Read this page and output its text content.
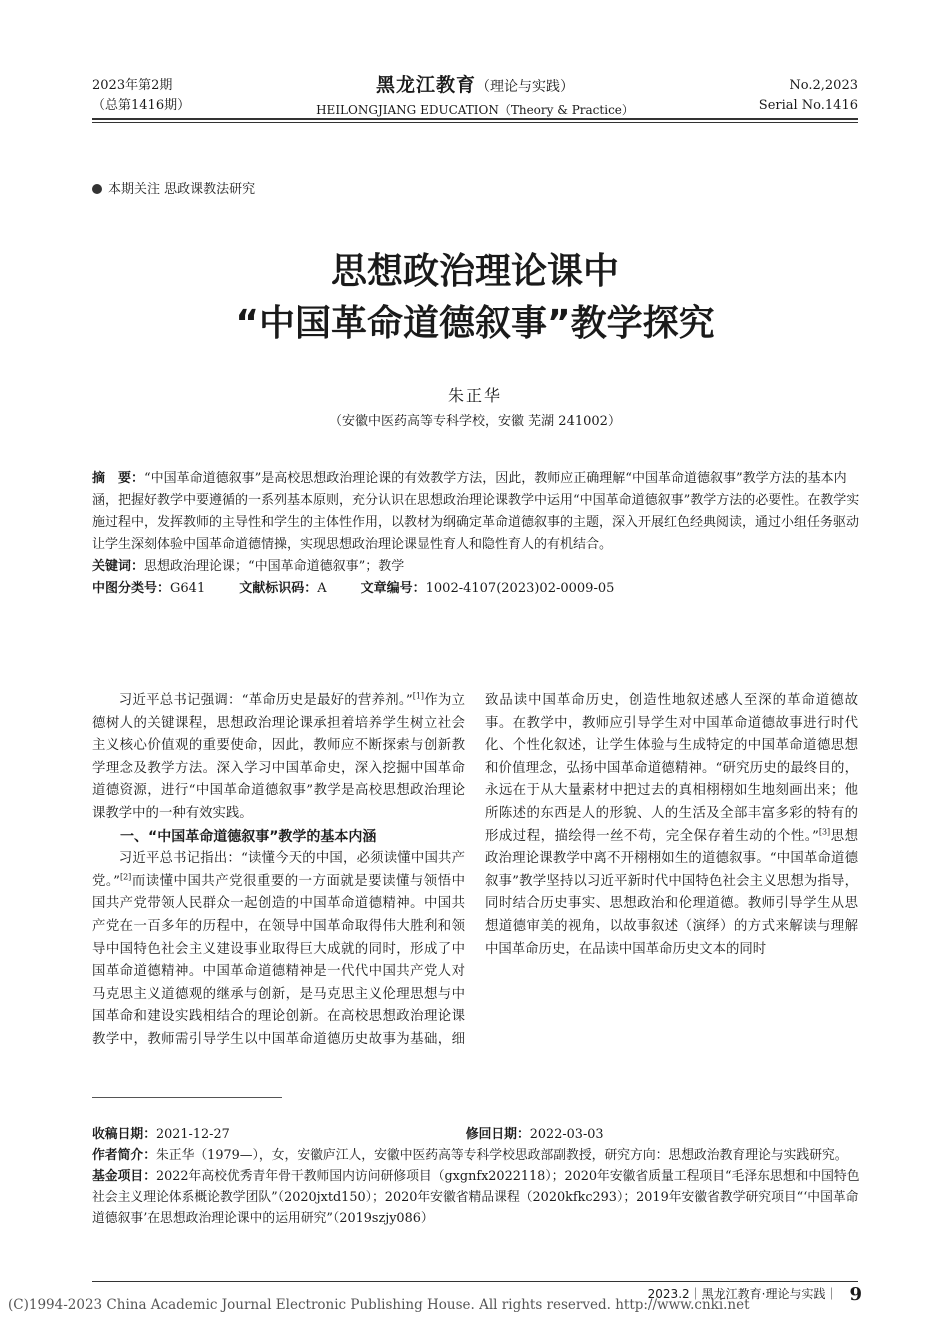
2023年第2期
（总第1416期）
黑龙江教育（理论与实践）
HEILONGJIANG EDUCATION（Theory & Practice）
No.2,2023
Serial No.1416
本期关注 思政课教法研究
思想政治理论课中
“中国革命道德叙事”教学探究
朱正华
（安徽中医药高等专科学校，安徽 芜湖 241002）
摘　要：“中国革命道德叙事”是高校思想政治理论课的有效教学方法，因此，教师应正确理解“中国革命道德叙事”教学方法的基本内涵，把握好教学中要遵循的一系列基本原则，充分认识在思想政治理论课教学中运用“中国革命道德叙事”教学方法的必要性。在教学实施过程中，发挥教师的主导性和学生的主体性作用，以教材为纲确定革命道德叙事的主题，深入开展红色经典阅读，通过小组任务驱动让学生深刻体验中国革命道德情操，实现思想政治理论课显性育人和隐性育人的有机结合。
关键词：思想政治理论课；“中国革命道德叙事”；教学
中图分类号：G641	文献标识码：A	文章编号：1002-4107(2023)02-0009-05

习近平总书记强调：“革命历史是最好的营养剂。”[1]作为立德树人的关键课程，思想政治理论课承担着培养学生树立社会主义核心价值观的重要使命，因此，教师应不断探索与创新教学理念及教学方法。深入学习中国革命史，深入挖掘中国革命道德资源，进行“中国革命道德叙事”教学是高校思想政治理论课教学中的一种有效实践。

一、“中国革命道德叙事”教学的基本内涵

习近平总书记指出：“读懂今天的中国，必须读懂中国共产党。”[2]而读懂中国共产党很重要的一方面就是要读懂与领悟中国共产党带领人民群众一起创造的中国革命道德精神。中国共产党在一百多年的历程中，在领导中国革命取得伟大胜利和领导中国特色社会主义建设事业取得巨大成就的同时，形成了中国革命道德精神。中国革命道德精神是一代代中国共产党人对马克思主义道德观的继承与创新，是马克思主义伦理思想与中国革命和建设实践相结合的理论创新。在高校思想政治理论课教学中，教师需引导学生以中国革命道德历史故事为基础，细致品读中国革命历史，创造性地叙述感人至深的革命道德故事。在教学中，教师应引导学生对中国革命道德故事进行时代化、个性化叙述，让学生体验与生成特定的中国革命道德思想和价值理念，弘扬中国革命道德精神。“研究历史的最终目的，永远在于从大量素材中把过去的真相栩栩如生地刻画出来；他所陈述的东西是人的形貌、人的生活及全部丰富多彩的特有的形成过程，描绘得一丝不苟，完全保存着生动的个性。”[3]思想政治理论课教学中离不开栩栩如生的道德叙事。“中国革命道德叙事”教学坚持以习近平新时代中国特色社会主义思想为指导，同时结合历史事实、思想政治和伦理道德。教师引导学生从思想道德审美的视角，以故事叙述（演绎）的方式来解读与理解中国革命历史，在品读中国革命历史文本的同时

收稿日期：2021-12-27	修回日期：2022-03-03
作者简介：朱正华（1979—），女，安徽庐江人，安徽中医药高等专科学校思政部副教授，研究方向：思想政治教育理论与实践研究。
基金项目：2022年高校优秀青年骨干教师国内访问研修项目（gxgnfx2022118）；2020年安徽省质量工程项目“毛泽东思想和中国特色社会主义理论体系概论教学团队”（2020jxtd150）；2020年安徽省精品课程（2020kfkc293）；2019年安徽省教学研究项目“‘中国革命道德叙事’在思想政治理论课中的运用研究”（2019szjy086）
2023.2｜黑龙江教育·理论与实践｜ 9
(C)1994-2023 China Academic Journal Electronic Publishing House. All rights reserved. http://www.cnki.net
